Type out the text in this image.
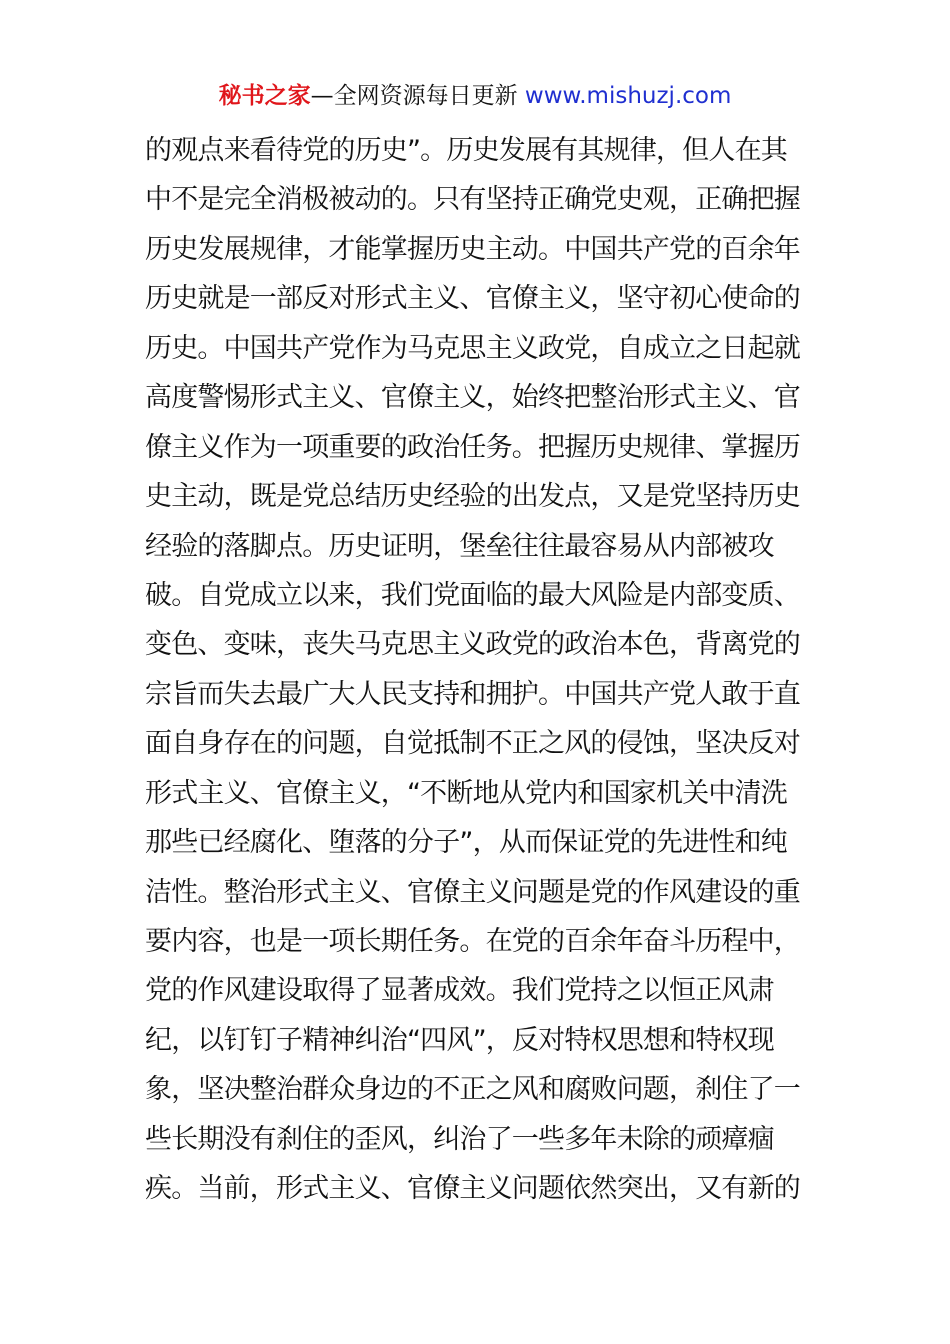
秘书之家—全网资源每日更新 www.mishuzj.com
的观点来看待党的历史”。历史发展有其规律，但人在其
中不是完全消极被动的。只有坚持正确党史观，正确把握
历史发展规律，才能掌握历史主动。中国共产党的百余年
历史就是一部反对形式主义、官僚主义，坚守初心使命的
历史。中国共产党作为马克思主义政党，自成立之日起就
高度警惕形式主义、官僚主义，始终把整治形式主义、官
僚主义作为一项重要的政治任务。把握历史规律、掌握历
史主动，既是党总结历史经验的出发点，又是党坚持历史
经验的落脚点。历史证明，堡垒往往最容易从内部被攻
破。自党成立以来，我们党面临的最大风险是内部变质、
变色、变味，丧失马克思主义政党的政治本色，背离党的
宗旨而失去最广大人民支持和拥护。中国共产党人敢于直
面自身存在的问题，自觉抵制不正之风的侵蚀，坚决反对
形式主义、官僚主义，“不断地从党内和国家机关中清洗
那些已经腐化、堕落的分子”，从而保证党的先进性和纯
洁性。整治形式主义、官僚主义问题是党的作风建设的重
要内容，也是一项长期任务。在党的百余年奋斗历程中，
党的作风建设取得了显著成效。我们党持之以恒正风肃
纪，以钉钉子精神纠治“四风”，反对特权思想和特权现
象，坚决整治群众身边的不正之风和腐败问题，刹住了一
些长期没有刹住的歪风，纠治了一些多年未除的顽瘴痼
疾。当前，形式主义、官僚主义问题依然突出，又有新的
